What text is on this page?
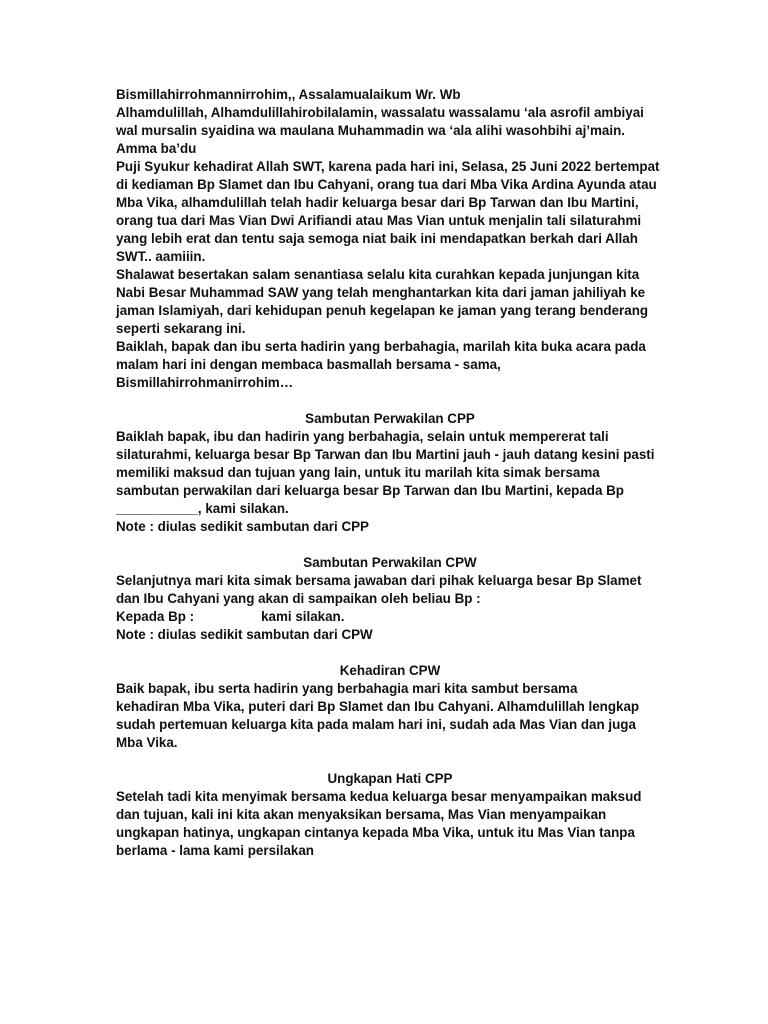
Bismillahirrohmannirrohim,, Assalamualaikum Wr. Wb
Alhamdulillah, Alhamdulillahirobilalamin, wassalatu wassalamu ‘ala asrofil ambiyai
wal mursalin syaidina wa maulana Muhammadin wa ‘ala alihi wasohbihi aj’main.
Amma ba’du
Puji Syukur kehadirat Allah SWT, karena pada hari ini, Selasa, 25 Juni 2022 bertempat
di kediaman Bp Slamet dan Ibu Cahyani, orang tua dari Mba Vika Ardina Ayunda atau
Mba Vika, alhamdulillah telah hadir keluarga besar dari Bp Tarwan dan Ibu Martini,
orang tua dari Mas Vian Dwi Arifiandi atau Mas Vian untuk menjalin tali silaturahmi
yang lebih erat dan tentu saja semoga niat baik ini mendapatkan berkah dari Allah
SWT.. aamiiin.
Shalawat besertakan salam senantiasa selalu kita curahkan kepada junjungan kita
Nabi Besar Muhammad SAW yang telah menghantarkan kita dari jaman jahiliyah ke
jaman Islamiyah, dari kehidupan penuh kegelapan ke jaman yang terang benderang
seperti sekarang ini.
Baiklah, bapak dan ibu serta hadirin yang berbahagia, marilah kita buka acara pada
malam hari ini dengan membaca basmallah bersama - sama,
Bismillahirrohmanirrohim…
Sambutan Perwakilan CPP
Baiklah bapak, ibu dan hadirin yang berbahagia, selain untuk mempererat tali
silaturahmi, keluarga besar Bp Tarwan dan Ibu Martini jauh - jauh datang kesini pasti
memiliki maksud dan tujuan yang lain, untuk itu marilah kita simak bersama
sambutan perwakilan dari keluarga besar Bp Tarwan dan Ibu Martini, kepada Bp
___________, kami silakan.
Note : diulas sedikit sambutan dari CPP
Sambutan Perwakilan CPW
Selanjutnya mari kita simak bersama jawaban dari pihak keluarga besar Bp Slamet
dan Ibu Cahyani yang akan di sampaikan oleh beliau Bp :
Kepada Bp :                  kami silakan.
Note : diulas sedikit sambutan dari CPW
Kehadiran CPW
Baik bapak, ibu serta hadirin yang berbahagia mari kita sambut bersama
kehadiran Mba Vika, puteri dari Bp Slamet dan Ibu Cahyani. Alhamdulillah lengkap
sudah pertemuan keluarga kita pada malam hari ini, sudah ada Mas Vian dan juga
Mba Vika.
Ungkapan Hati CPP
Setelah tadi kita menyimak bersama kedua keluarga besar menyampaikan maksud
dan tujuan, kali ini kita akan menyaksikan bersama, Mas Vian menyampaikan
ungkapan hatinya, ungkapan cintanya kepada Mba Vika, untuk itu Mas Vian tanpa
berlama - lama kami persilakan
